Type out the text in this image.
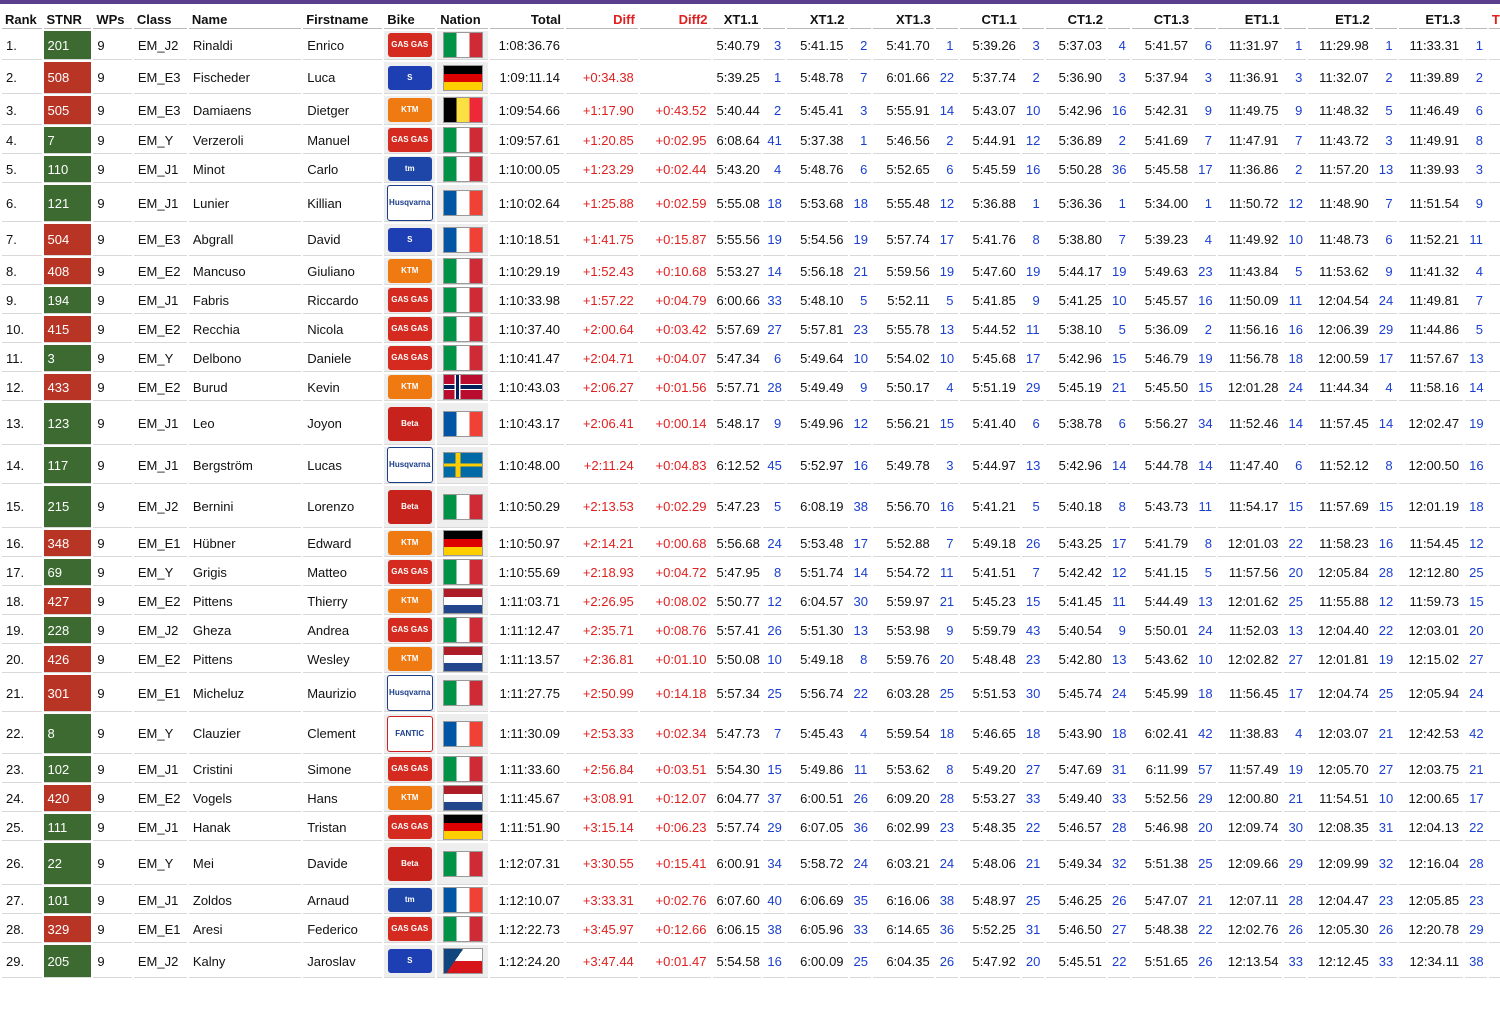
Rank	STNR	WPs	Class	Name	Firstname	Bike	Nation	Total	Diff	Diff2	XT1.1		XT1.2		XT1.3		CT1.1		CT1.2		CT1.3		ET1.1		ET1.2		ET1.3		T
1.	201	9	EM_J2	Rinaldi	Enrico	GAS GAS		1:08:36.76			5:40.79	3	5:41.15	2	5:41.70	1	5:39.26	3	5:37.03	4	5:41.57	6	11:31.97	1	11:29.98	1	11:33.31	1	
2.	508	9	EM_E3	Fischeder	Luca	S		1:09:11.14	+0:34.38		5:39.25	1	5:48.78	7	6:01.66	22	5:37.74	2	5:36.90	3	5:37.94	3	11:36.91	3	11:32.07	2	11:39.89	2	
3.	505	9	EM_E3	Damiaens	Dietger	KTM		1:09:54.66	+1:17.90	+0:43.52	5:40.44	2	5:45.41	3	5:55.91	14	5:43.07	10	5:42.96	16	5:42.31	9	11:49.75	9	11:48.32	5	11:46.49	6	
4.	7	9	EM_Y	Verzeroli	Manuel	GAS GAS		1:09:57.61	+1:20.85	+0:02.95	6:08.64	41	5:37.38	1	5:46.56	2	5:44.91	12	5:36.89	2	5:41.69	7	11:47.91	7	11:43.72	3	11:49.91	8	
5.	110	9	EM_J1	Minot	Carlo	tm		1:10:00.05	+1:23.29	+0:02.44	5:43.20	4	5:48.76	6	5:52.65	6	5:45.59	16	5:50.28	36	5:45.58	17	11:36.86	2	11:57.20	13	11:39.93	3	
6.	121	9	EM_J1	Lunier	Killian	Husqvarna		1:10:02.64	+1:25.88	+0:02.59	5:55.08	18	5:53.68	18	5:55.48	12	5:36.88	1	5:36.36	1	5:34.00	1	11:50.72	12	11:48.90	7	11:51.54	9	
7.	504	9	EM_E3	Abgrall	David	S		1:10:18.51	+1:41.75	+0:15.87	5:55.56	19	5:54.56	19	5:57.74	17	5:41.76	8	5:38.80	7	5:39.23	4	11:49.92	10	11:48.73	6	11:52.21	11	
8.	408	9	EM_E2	Mancuso	Giuliano	KTM		1:10:29.19	+1:52.43	+0:10.68	5:53.27	14	5:56.18	21	5:59.56	19	5:47.60	19	5:44.17	19	5:49.63	23	11:43.84	5	11:53.62	9	11:41.32	4	
9.	194	9	EM_J1	Fabris	Riccardo	GAS GAS		1:10:33.98	+1:57.22	+0:04.79	6:00.66	33	5:48.10	5	5:52.11	5	5:41.85	9	5:41.25	10	5:45.57	16	11:50.09	11	12:04.54	24	11:49.81	7	
10.	415	9	EM_E2	Recchia	Nicola	GAS GAS		1:10:37.40	+2:00.64	+0:03.42	5:57.69	27	5:57.81	23	5:55.78	13	5:44.52	11	5:38.10	5	5:36.09	2	11:56.16	16	12:06.39	29	11:44.86	5	
11.	3	9	EM_Y	Delbono	Daniele	GAS GAS		1:10:41.47	+2:04.71	+0:04.07	5:47.34	6	5:49.64	10	5:54.02	10	5:45.68	17	5:42.96	15	5:46.79	19	11:56.78	18	12:00.59	17	11:57.67	13	
12.	433	9	EM_E2	Burud	Kevin	KTM		1:10:43.03	+2:06.27	+0:01.56	5:57.71	28	5:49.49	9	5:50.17	4	5:51.19	29	5:45.19	21	5:45.50	15	12:01.28	24	11:44.34	4	11:58.16	14	
13.	123	9	EM_J1	Leo	Joyon	Beta		1:10:43.17	+2:06.41	+0:00.14	5:48.17	9	5:49.96	12	5:56.21	15	5:41.40	6	5:38.78	6	5:56.27	34	11:52.46	14	11:57.45	14	12:02.47	19	
14.	117	9	EM_J1	Bergström	Lucas	Husqvarna		1:10:48.00	+2:11.24	+0:04.83	6:12.52	45	5:52.97	16	5:49.78	3	5:44.97	13	5:42.96	14	5:44.78	14	11:47.40	6	11:52.12	8	12:00.50	16	
15.	215	9	EM_J2	Bernini	Lorenzo	Beta		1:10:50.29	+2:13.53	+0:02.29	5:47.23	5	6:08.19	38	5:56.70	16	5:41.21	5	5:40.18	8	5:43.73	11	11:54.17	15	11:57.69	15	12:01.19	18	
16.	348	9	EM_E1	Hübner	Edward	KTM		1:10:50.97	+2:14.21	+0:00.68	5:56.68	24	5:53.48	17	5:52.88	7	5:49.18	26	5:43.25	17	5:41.79	8	12:01.03	22	11:58.23	16	11:54.45	12	
17.	69	9	EM_Y	Grigis	Matteo	GAS GAS		1:10:55.69	+2:18.93	+0:04.72	5:47.95	8	5:51.74	14	5:54.72	11	5:41.51	7	5:42.42	12	5:41.15	5	11:57.56	20	12:05.84	28	12:12.80	25	
18.	427	9	EM_E2	Pittens	Thierry	KTM		1:11:03.71	+2:26.95	+0:08.02	5:50.77	12	6:04.57	30	5:59.97	21	5:45.23	15	5:41.45	11	5:44.49	13	12:01.62	25	11:55.88	12	11:59.73	15	
19.	228	9	EM_J2	Gheza	Andrea	GAS GAS		1:11:12.47	+2:35.71	+0:08.76	5:57.41	26	5:51.30	13	5:53.98	9	5:59.79	43	5:40.54	9	5:50.01	24	11:52.03	13	12:04.40	22	12:03.01	20	
20.	426	9	EM_E2	Pittens	Wesley	KTM		1:11:13.57	+2:36.81	+0:01.10	5:50.08	10	5:49.18	8	5:59.76	20	5:48.48	23	5:42.80	13	5:43.62	10	12:02.82	27	12:01.81	19	12:15.02	27	
21.	301	9	EM_E1	Micheluz	Maurizio	Husqvarna		1:11:27.75	+2:50.99	+0:14.18	5:57.34	25	5:56.74	22	6:03.28	25	5:51.53	30	5:45.74	24	5:45.99	18	11:56.45	17	12:04.74	25	12:05.94	24	
22.	8	9	EM_Y	Clauzier	Clement	FANTIC		1:11:30.09	+2:53.33	+0:02.34	5:47.73	7	5:45.43	4	5:59.54	18	5:46.65	18	5:43.90	18	6:02.41	42	11:38.83	4	12:03.07	21	12:42.53	42	
23.	102	9	EM_J1	Cristini	Simone	GAS GAS		1:11:33.60	+2:56.84	+0:03.51	5:54.30	15	5:49.86	11	5:53.62	8	5:49.20	27	5:47.69	31	6:11.99	57	11:57.49	19	12:05.70	27	12:03.75	21	
24.	420	9	EM_E2	Vogels	Hans	KTM		1:11:45.67	+3:08.91	+0:12.07	6:04.77	37	6:00.51	26	6:09.20	28	5:53.27	33	5:49.40	33	5:52.56	29	12:00.80	21	11:54.51	10	12:00.65	17	
25.	111	9	EM_J1	Hanak	Tristan	GAS GAS		1:11:51.90	+3:15.14	+0:06.23	5:57.74	29	6:07.05	36	6:02.99	23	5:48.35	22	5:46.57	28	5:46.98	20	12:09.74	30	12:08.35	31	12:04.13	22	
26.	22	9	EM_Y	Mei	Davide	Beta		1:12:07.31	+3:30.55	+0:15.41	6:00.91	34	5:58.72	24	6:03.21	24	5:48.06	21	5:49.34	32	5:51.38	25	12:09.66	29	12:09.99	32	12:16.04	28	
27.	101	9	EM_J1	Zoldos	Arnaud	tm		1:12:10.07	+3:33.31	+0:02.76	6:07.60	40	6:06.69	35	6:16.06	38	5:48.97	25	5:46.25	26	5:47.07	21	12:07.11	28	12:04.47	23	12:05.85	23	
28.	329	9	EM_E1	Aresi	Federico	GAS GAS		1:12:22.73	+3:45.97	+0:12.66	6:06.15	38	6:05.96	33	6:14.65	36	5:52.25	31	5:46.50	27	5:48.38	22	12:02.76	26	12:05.30	26	12:20.78	29	
29.	205	9	EM_J2	Kalny	Jaroslav	S		1:12:24.20	+3:47.44	+0:01.47	5:54.58	16	6:00.09	25	6:04.35	26	5:47.92	20	5:45.51	22	5:51.65	26	12:13.54	33	12:12.45	33	12:34.11	38	
